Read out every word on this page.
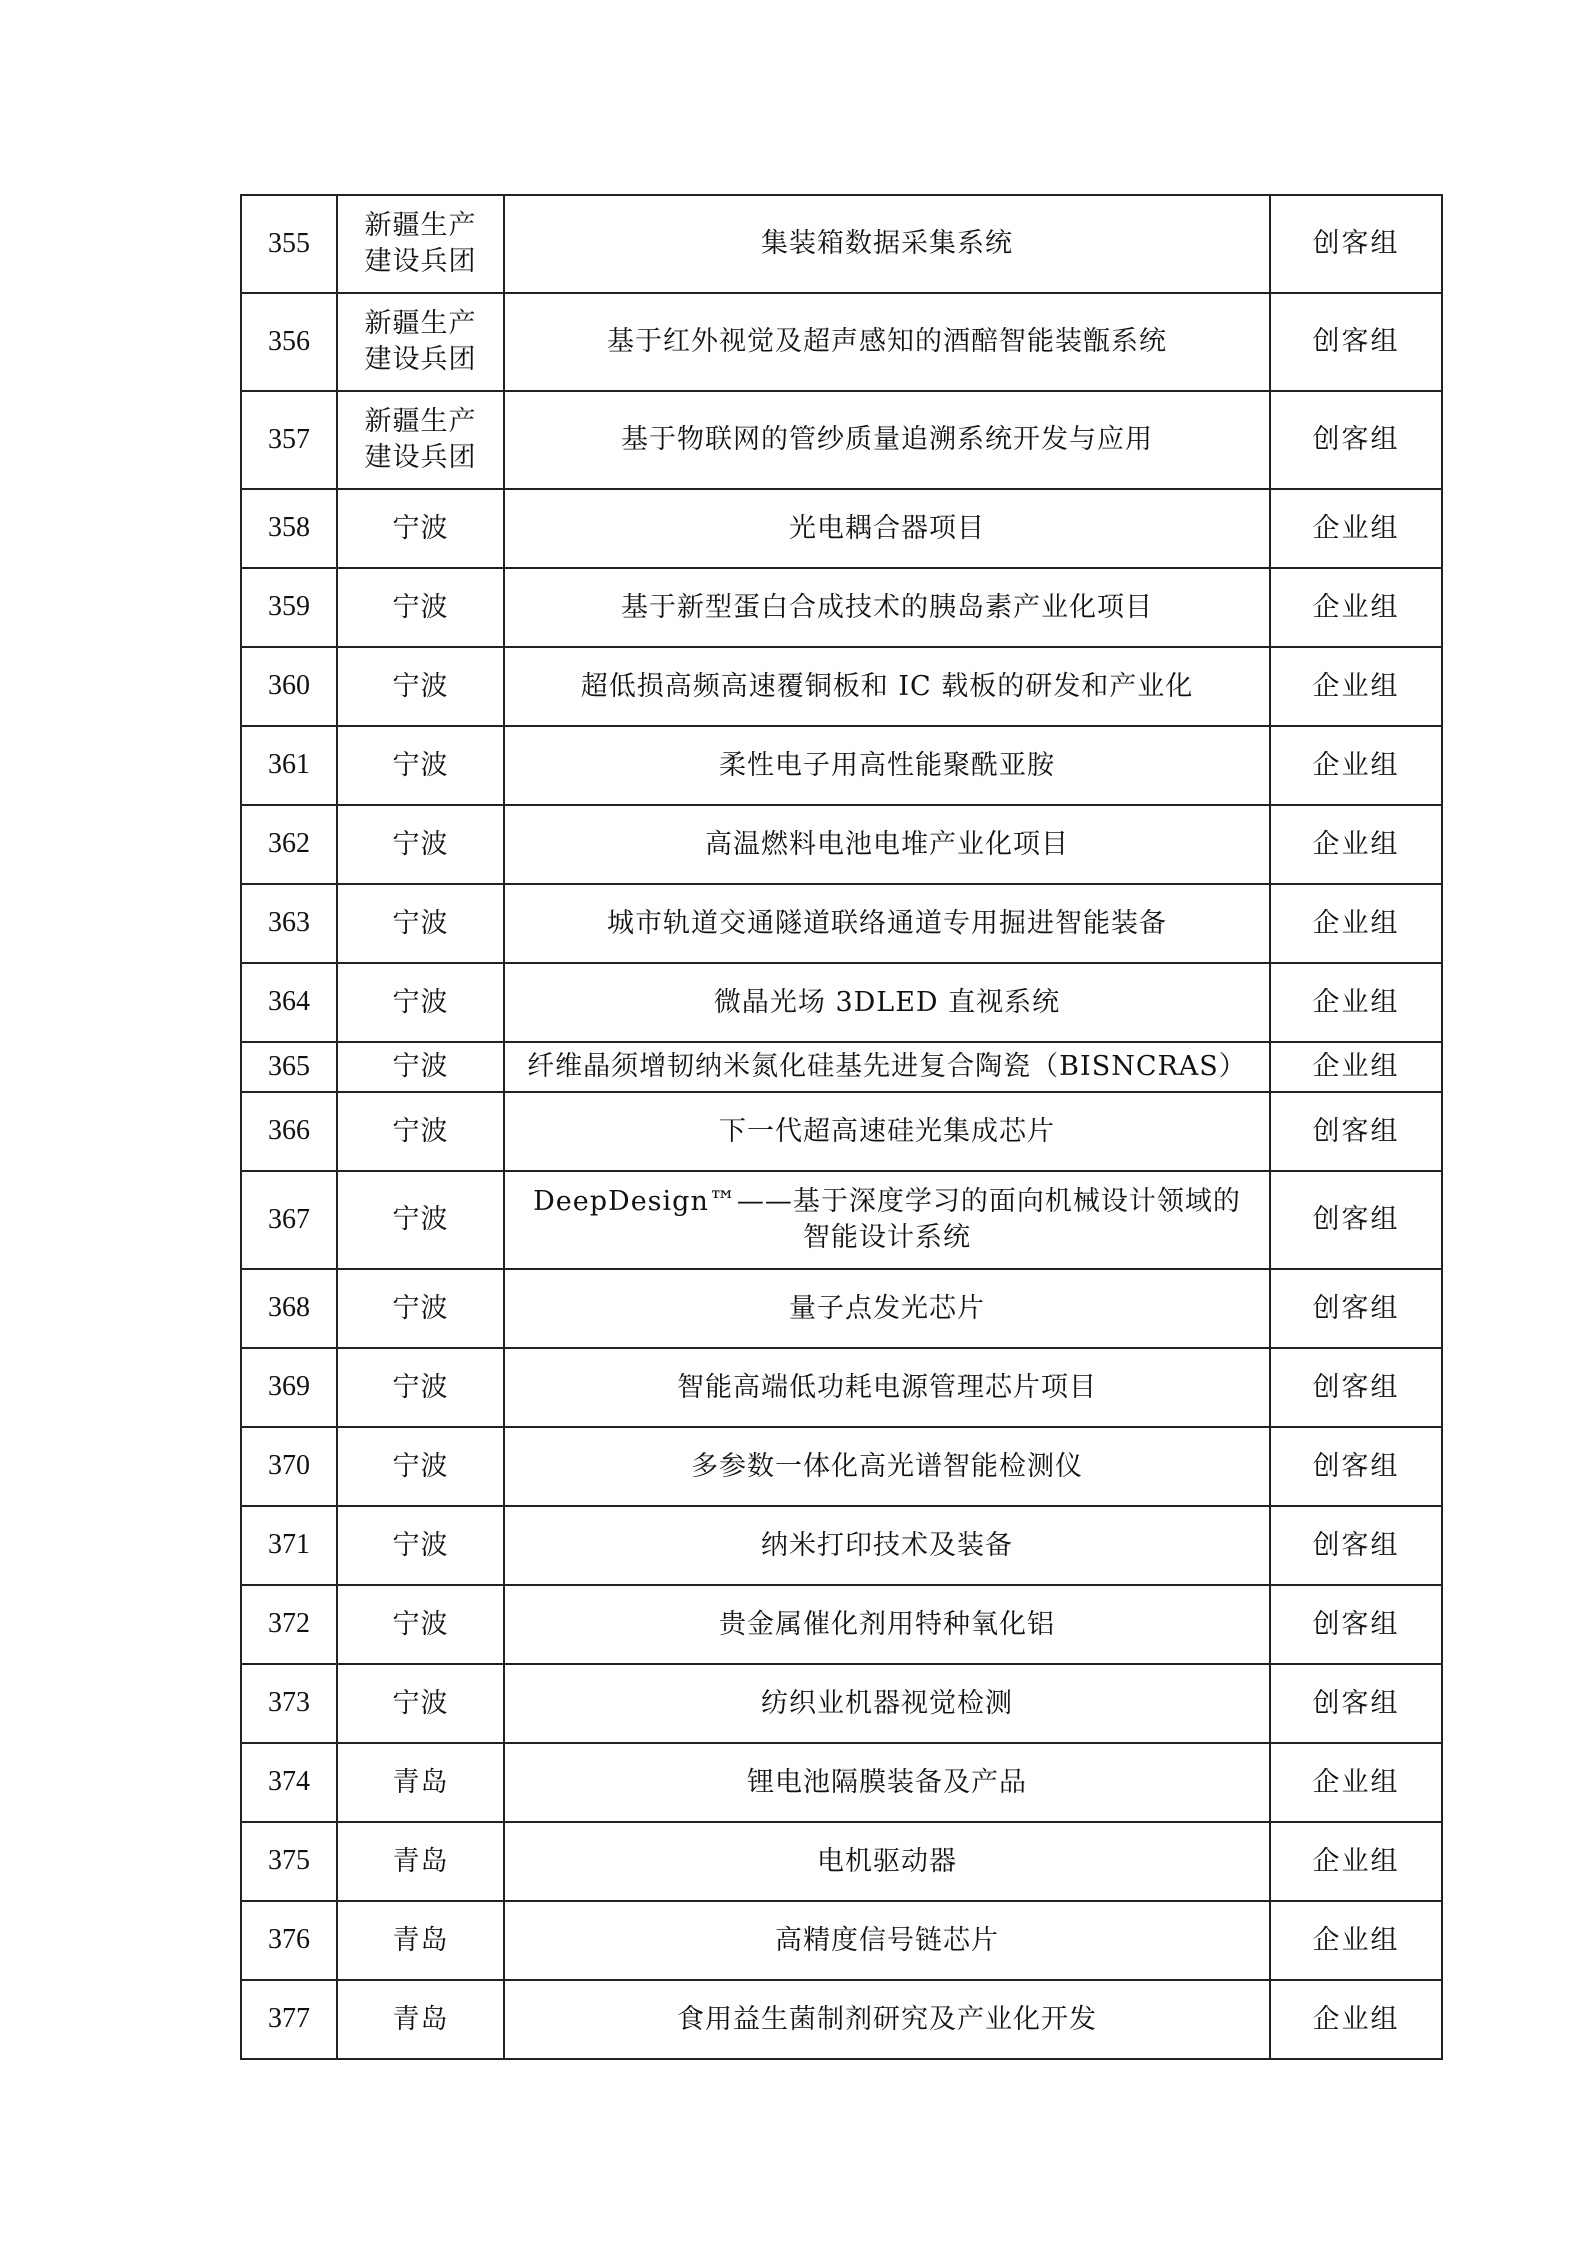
355	新疆生产建设兵团	集装箱数据采集系统	创客组
356	新疆生产建设兵团	基于红外视觉及超声感知的酒醅智能装甑系统	创客组
357	新疆生产建设兵团	基于物联网的管纱质量追溯系统开发与应用	创客组
358	宁波	光电耦合器项目	企业组
359	宁波	基于新型蛋白合成技术的胰岛素产业化项目	企业组
360	宁波	超低损高频高速覆铜板和 IC 载板的研发和产业化	企业组
361	宁波	柔性电子用高性能聚酰亚胺	企业组
362	宁波	高温燃料电池电堆产业化项目	企业组
363	宁波	城市轨道交通隧道联络通道专用掘进智能装备	企业组
364	宁波	微晶光场 3DLED 直视系统	企业组
365	宁波	纤维晶须增韧纳米氮化硅基先进复合陶瓷（BISNCRAS）	企业组
366	宁波	下一代超高速硅光集成芯片	创客组
367	宁波	DeepDesign™——基于深度学习的面向机械设计领域的智能设计系统	创客组
368	宁波	量子点发光芯片	创客组
369	宁波	智能高端低功耗电源管理芯片项目	创客组
370	宁波	多参数一体化高光谱智能检测仪	创客组
371	宁波	纳米打印技术及装备	创客组
372	宁波	贵金属催化剂用特种氧化铝	创客组
373	宁波	纺织业机器视觉检测	创客组
374	青岛	锂电池隔膜装备及产品	企业组
375	青岛	电机驱动器	企业组
376	青岛	高精度信号链芯片	企业组
377	青岛	食用益生菌制剂研究及产业化开发	企业组
